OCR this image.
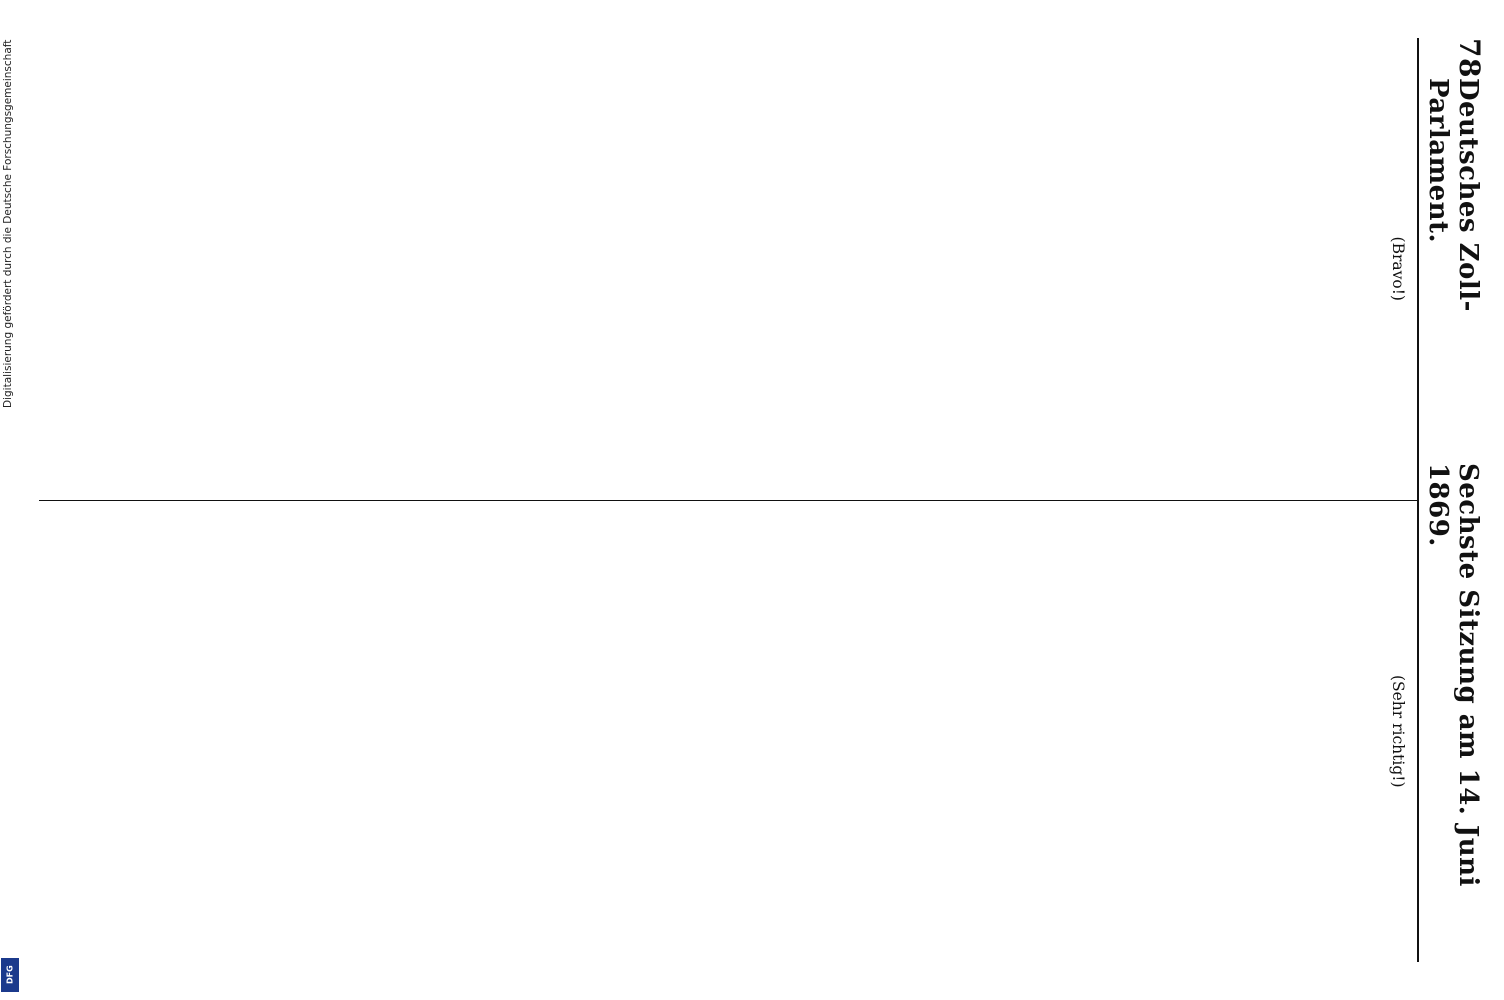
Digitalisierung gefördert durch die Deutsche Forschungsgemeinschaft
DFG
78
Deutsches Zoll-Parlament.
Sechste Sitzung am 14. Juni 1869.

(Bravo!)

(Sehr richtig!)
